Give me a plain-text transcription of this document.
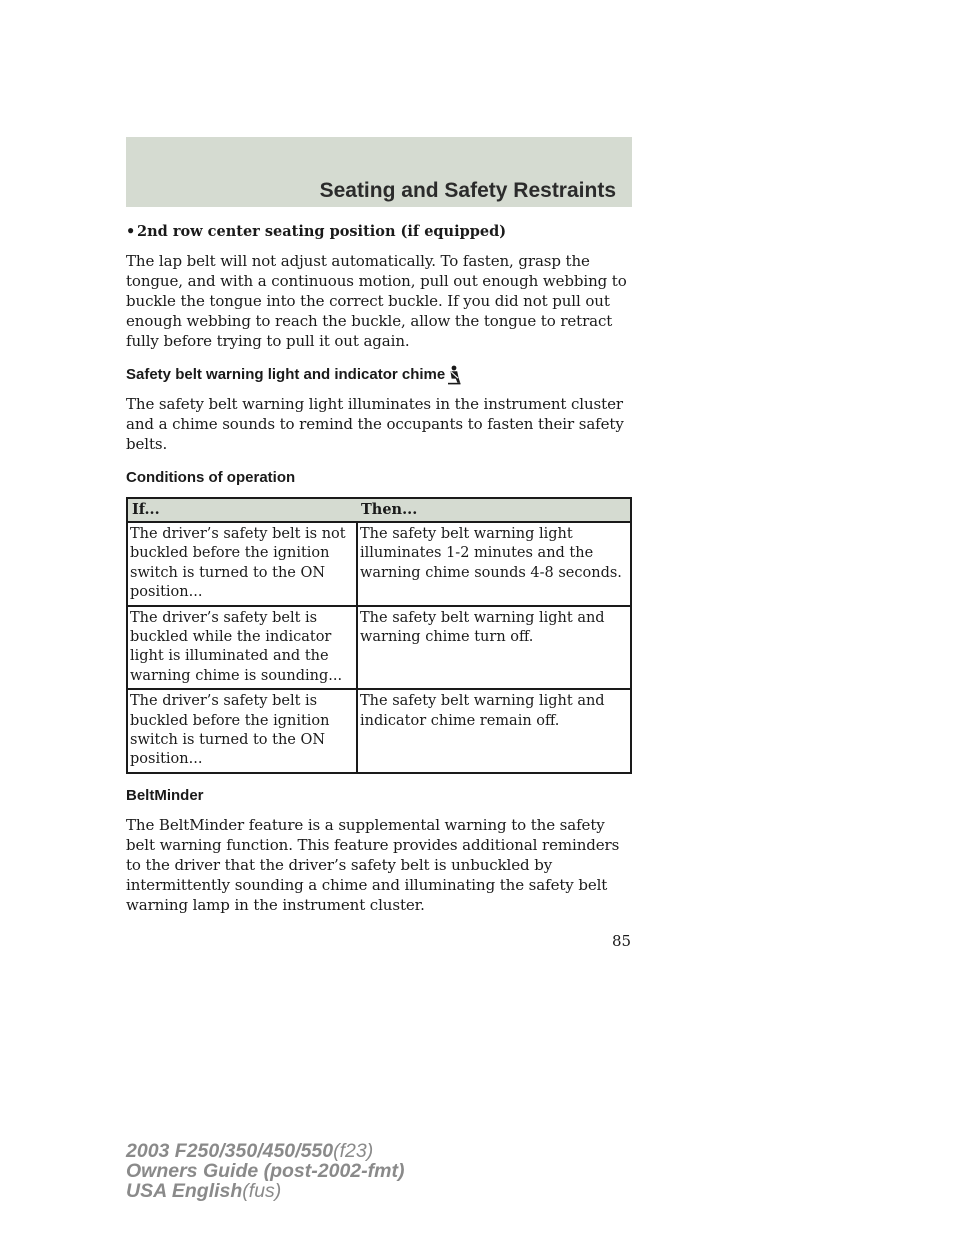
Seating and Safety Restraints
• 2nd row center seating position (if equipped)

The lap belt will not adjust automatically. To fasten, grasp the tongue, and with a continuous motion, pull out enough webbing to buckle the tongue into the correct buckle. If you did not pull out enough webbing to reach the buckle, allow the tongue to retract fully before trying to pull it out again.

Safety belt warning light and indicator chime

The safety belt warning light illuminates in the instrument cluster and a chime sounds to remind the occupants to fasten their safety belts.

Conditions of operation
If...	Then...
The driver’s safety belt is not buckled before the ignition switch is turned to the ON position...	The safety belt warning light illuminates 1-2 minutes and the warning chime sounds 4-8 seconds.
The driver’s safety belt is buckled while the indicator light is illuminated and the warning chime is sounding...	The safety belt warning light and warning chime turn off.
The driver’s safety belt is buckled before the ignition switch is turned to the ON position...	The safety belt warning light and indicator chime remain off.
BeltMinder

The BeltMinder feature is a supplemental warning to the safety belt warning function. This feature provides additional reminders to the driver that the driver’s safety belt is unbuckled by intermittently sounding a chime and illuminating the safety belt warning lamp in the instrument cluster.

85
2003 F250/350/450/550(f23)
Owners Guide (post-2002-fmt)
USA English(fus)
